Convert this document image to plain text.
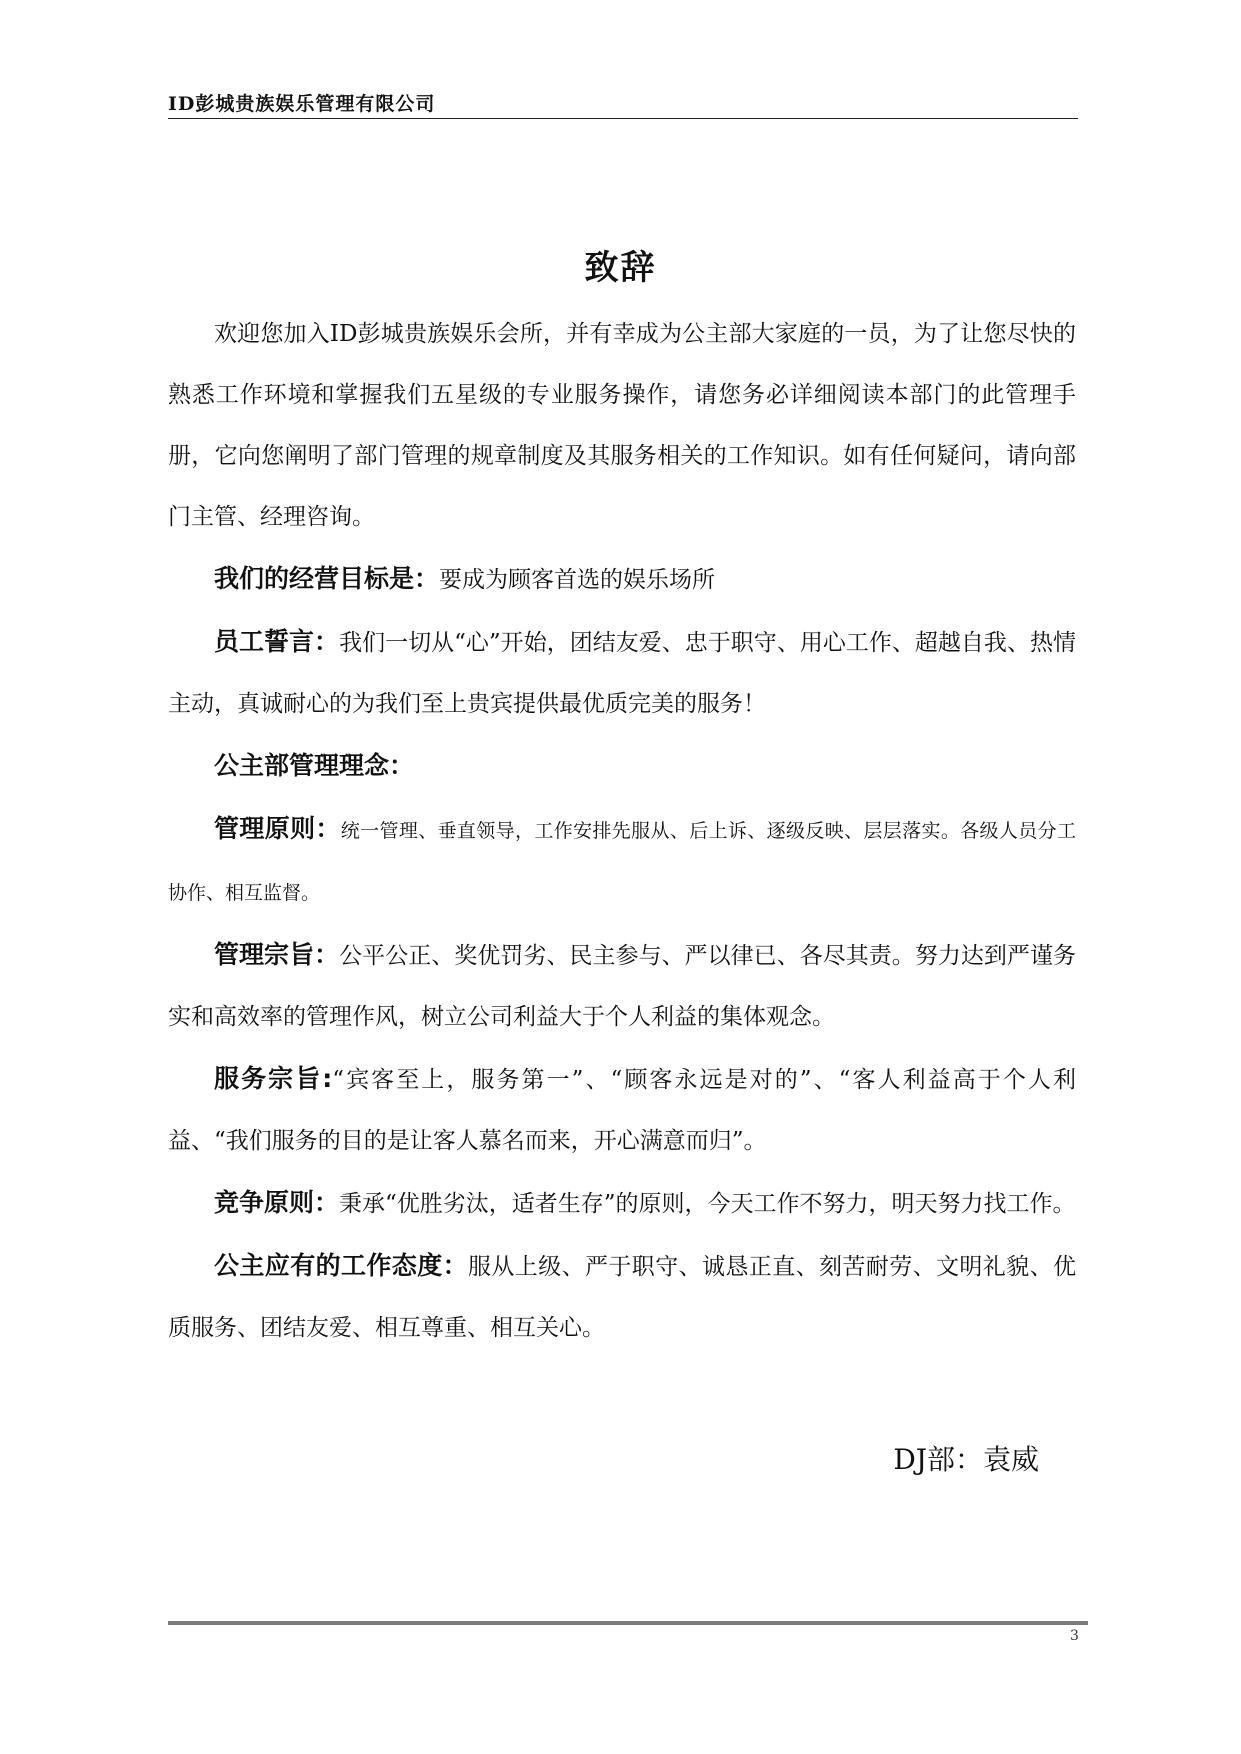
ID彭城贵族娱乐管理有限公司
致辞

欢迎您加入ID彭城贵族娱乐会所，并有幸成为公主部大家庭的一员，为了让您尽快的熟悉工作环境和掌握我们五星级的专业服务操作，请您务必详细阅读本部门的此管理手册，它向您阐明了部门管理的规章制度及其服务相关的工作知识。如有任何疑问，请向部门主管、经理咨询。

我们的经营目标是：要成为顾客首选的娱乐场所

员工誓言：我们一切从“心”开始，团结友爱、忠于职守、用心工作、超越自我、热情主动，真诚耐心的为我们至上贵宾提供最优质完美的服务！

公主部管理理念：

管理原则：统一管理、垂直领导，工作安排先服从、后上诉、逐级反映、层层落实。各级人员分工协作、相互监督。

管理宗旨：公平公正、奖优罚劣、民主参与、严以律已、各尽其责。努力达到严谨务实和高效率的管理作风，树立公司利益大于个人利益的集体观念。

服务宗旨:“宾客至上，服务第一”、“顾客永远是对的”、“客人利益高于个人利益、“我们服务的目的是让客人慕名而来，开心满意而归”。

竞争原则：秉承“优胜劣汰，适者生存”的原则，今天工作不努力，明天努力找工作。

公主应有的工作态度：服从上级、严于职守、诚恳正直、刻苦耐劳、文明礼貌、优质服务、团结友爱、相互尊重、相互关心。

DJ部：袁威
3
